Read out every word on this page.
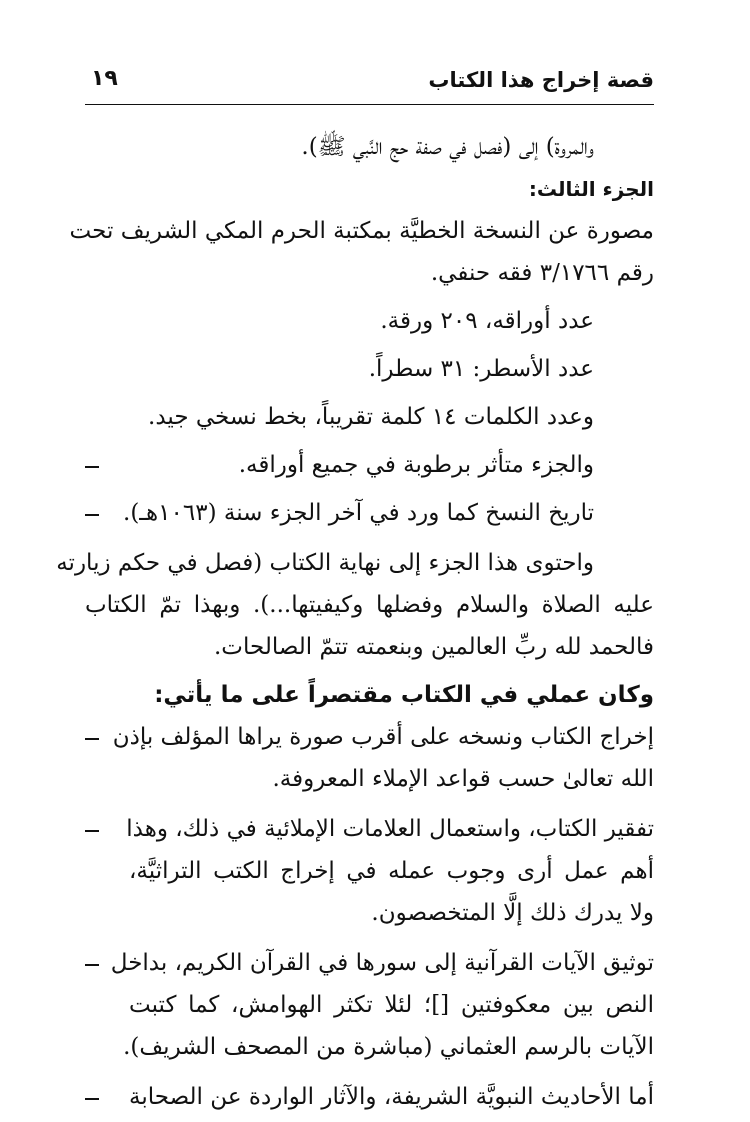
قصة إخراج هذا الكتاب
١٩
والمروة) إلى (فصل في صفة حج النَّبي ﷺ).
الجزء الثالث:
مصورة عن النسخة الخطيَّة بمكتبة الحرم المكي الشريف تحت
رقم ٣/١٧٦٦ فقه حنفي.
عدد أوراقه، ٢٠٩ ورقة.
عدد الأسطر: ٣١ سطراً.
وعدد الكلمات ١٤ كلمة تقريباً، بخط نسخي جيد.
والجزء متأثر برطوبة في جميع أوراقه.
تاريخ النسخ كما ورد في آخر الجزء سنة (١٠٦٣هـ).
واحتوى هذا الجزء إلى نهاية الكتاب (فصل في حكم زيارته
عليه الصلاة والسلام وفضلها وكيفيتها...). وبهذا تمّ الكتاب
فالحمد لله ربِّ العالمين وبنعمته تتمّ الصالحات.
وكان عملي في الكتاب مقتصراً على ما يأتي:
إخراج الكتاب ونسخه على أقرب صورة يراها المؤلف بإذن
الله تعالىٰ حسب قواعد الإملاء المعروفة.
تفقير الكتاب، واستعمال العلامات الإملائية في ذلك، وهذا
أهم عمل أرى وجوب عمله في إخراج الكتب التراثيَّة،
ولا يدرك ذلك إلَّا المتخصصون.
توثيق الآيات القرآنية إلى سورها في القرآن الكريم، بداخل
النص بين معكوفتين []؛ لئلا تكثر الهوامش، كما كتبت
الآيات بالرسم العثماني (مباشرة من المصحف الشريف).
أما الأحاديث النبويَّة الشريفة، والآثار الواردة عن الصحابة
